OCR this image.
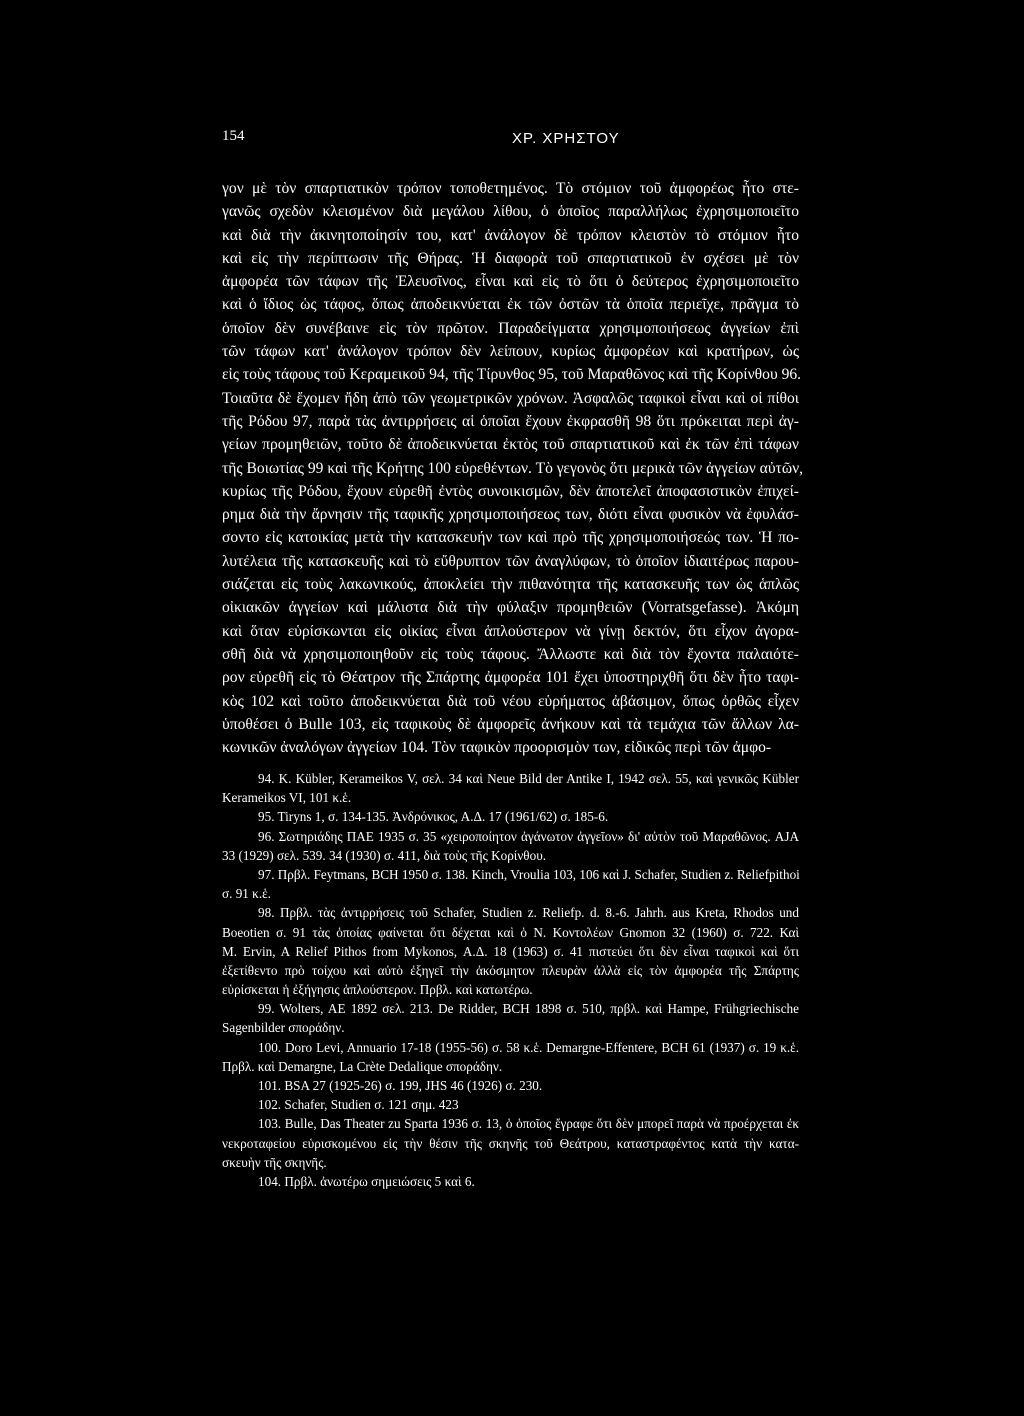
154	ΧΡ. ΧΡΗΣΤΟΥ
γον μὲ τὸν σπαρτιατικὸν τρόπον τοποθετημένος. Τὸ στόμιον τοῦ ἀμφορέως ἦτο στε-
γανῶς σχεδὸν κλεισμένον διὰ μεγάλου λίθου, ὁ ὁποῖος παραλλήλως ἐχρησιμοποιεῖτο
καὶ διὰ τὴν ἀκινητοποίησίν του, κατ' ἀνάλογον δὲ τρόπον κλειστὸν τὸ στόμιον ἦτο
καὶ εἰς τὴν περίπτωσιν τῆς Θήρας. Ἡ διαφορὰ τοῦ σπαρτιατικοῦ ἐν σχέσει μὲ τὸν
ἀμφορέα τῶν τάφων τῆς Ἐλευσῖνος, εἶναι καὶ εἰς τὸ ὅτι ὁ δεύτερος ἐχρησιμοποιεῖτο
καὶ ὁ ἴδιος ὡς τάφος, ὅπως ἀποδεικνύεται ἐκ τῶν ὀστῶν τὰ ὁποῖα περιεῖχε, πρᾶγμα τὸ
ὁποῖον δὲν συνέβαινε εἰς τὸν πρῶτον. Παραδείγματα χρησιμοποιήσεως ἀγγείων ἐπὶ
τῶν τάφων κατ' ἀνάλογον τρόπον δὲν λείπουν, κυρίως ἀμφορέων καὶ κρατήρων, ὡς
εἰς τοὺς τάφους τοῦ Κεραμεικοῦ 94, τῆς Τίρυνθος 95, τοῦ Μαραθῶνος καὶ τῆς Κορίνθου 96.
Τοιαῦτα δὲ ἔχομεν ἤδη ἀπὸ τῶν γεωμετρικῶν χρόνων. Ἀσφαλῶς ταφικοὶ εἶναι καὶ οἱ πίθοι
τῆς Ρόδου 97, παρὰ τὰς ἀντιρρήσεις αἱ ὁποῖαι ἔχουν ἐκφρασθῆ 98 ὅτι πρόκειται περὶ ἀγ-
γείων προμηθειῶν, τοῦτο δὲ ἀποδεικνύεται ἐκτὸς τοῦ σπαρτιατικοῦ καὶ ἐκ τῶν ἐπὶ τάφων
τῆς Βοιωτίας 99 καὶ τῆς Κρήτης 100 εὑρεθέντων. Τὸ γεγονὸς ὅτι μερικὰ τῶν ἀγγείων αὐτῶν,
κυρίως τῆς Ρόδου, ἔχουν εὑρεθῆ ἐντὸς συνοικισμῶν, δὲν ἀποτελεῖ ἀποφασιστικὸν ἐπιχεί-
ρημα διὰ τὴν ἄρνησιν τῆς ταφικῆς χρησιμοποιήσεως των, διότι εἶναι φυσικὸν νὰ ἐφυλάσ-
σοντο εἰς κατοικίας μετὰ τὴν κατασκευήν των καὶ πρὸ τῆς χρησιμοποιήσεώς των. Ἡ πο-
λυτέλεια τῆς κατασκευῆς καὶ τὸ εὔθρυπτον τῶν ἀναγλύφων, τὸ ὁποῖον ἰδιαιτέρως παρου-
σιάζεται εἰς τοὺς λακωνικούς, ἀποκλείει τὴν πιθανότητα τῆς κατασκευῆς των ὡς ἁπλῶς
οἰκιακῶν ἀγγείων καὶ μάλιστα διὰ τὴν φύλαξιν προμηθειῶν (Vorratsgefasse). Ἀκόμη
καὶ ὅταν εὑρίσκωνται εἰς οἰκίας εἶναι ἁπλούστερον νὰ γίνῃ δεκτόν, ὅτι εἶχον ἀγορα-
σθῆ διὰ νὰ χρησιμοποιηθοῦν εἰς τοὺς τάφους. Ἄλλωστε καὶ διὰ τὸν ἔχοντα παλαιότε-
ρον εὑρεθῆ εἰς τὸ Θέατρον τῆς Σπάρτης ἀμφορέα 101 ἔχει ὑποστηριχθῆ ὅτι δὲν ἦτο ταφι-
κὸς 102 καὶ τοῦτο ἀποδεικνύεται διὰ τοῦ νέου εὑρήματος ἀβάσιμον, ὅπως ὀρθῶς εἶχεν
ὑποθέσει ὁ Bulle 103, εἰς ταφικοὺς δὲ ἀμφορεῖς ἀνήκουν καὶ τὰ τεμάχια τῶν ἄλλων λα-
κωνικῶν ἀναλόγων ἀγγείων 104. Τὸν ταφικὸν προορισμὸν των, εἰδικῶς περὶ τῶν ἀμφο-
94. K. Kübler, Kerameikos V, σελ. 34 καὶ Neue Bild der Antike I, 1942 σελ. 55, καὶ γενικῶς Kübler
Kerameikos VI, 101 κ.ἑ.
95. Tiryns 1, σ. 134-135. Ἀνδρόνικος, Α.Δ. 17 (1961/62) σ. 185-6.
96. Σωτηριάδης ΠΑΕ 1935 σ. 35 «χειροποίητον ἀγάνωτον ἀγγεῖον» δι' αὐτὸν τοῦ Μαραθῶνος. AJA
33 (1929) σελ. 539. 34 (1930) σ. 411, διὰ τοὺς τῆς Κορίνθου.
97. Πρβλ. Feytmans, BCH 1950 σ. 138. Kinch, Vroulia 103, 106 καὶ J. Schafer, Studien z. Reliefpithoi
σ. 91 κ.ἑ.
98. Πρβλ. τὰς ἀντιρρήσεις τοῦ Schafer, Studien z. Reliefp. d. 8.-6. Jahrh. aus Kreta, Rhodos und
Boeotien σ. 91 τὰς ὁποίας φαίνεται ὅτι δέχεται καὶ ὁ N. Κοντολέων Gnomon 32 (1960) σ. 722. Καὶ
M. Ervin, A Relief Pithos from Mykonos, Α.Δ. 18 (1963) σ. 41 πιστεύει ὅτι δὲν εἶναι ταφικοὶ καὶ ὅτι
ἐξετίθεντο πρὸ τοίχου καὶ αὐτὸ ἐξηγεῖ τὴν ἀκόσμητον πλευρὰν ἀλλὰ εἰς τὸν ἀμφορέα τῆς Σπάρτης
εὑρίσκεται ἡ ἐξήγησις ἁπλούστερον. Πρβλ. καὶ κατωτέρω.
99. Wolters, AE 1892 σελ. 213. De Ridder, BCH 1898 σ. 510, πρβλ. καὶ Hampe, Frühgriechische
Sagenbilder σποράδην.
100. Doro Levi, Annuario 17-18 (1955-56) σ. 58 κ.ἑ. Demargne-Effentere, BCH 61 (1937) σ. 19 κ.ἑ.
Πρβλ. καὶ Demargne, La Crète Dedalique σποράδην.
101. BSA 27 (1925-26) σ. 199, JHS 46 (1926) σ. 230.
102. Schafer, Studien σ. 121 σημ. 423
103. Bulle, Das Theater zu Sparta 1936 σ. 13, ὁ ὁποῖος ἔγραφε ὅτι δὲν μπορεῖ παρὰ νὰ προέρχεται ἐκ
νεκροταφείου εὑρισκομένου εἰς τὴν θέσιν τῆς σκηνῆς τοῦ Θεάτρου, καταστραφέντος κατὰ τὴν κατα-
σκευὴν τῆς σκηνῆς.
104. Πρβλ. ἀνωτέρω σημειώσεις 5 καὶ 6.
